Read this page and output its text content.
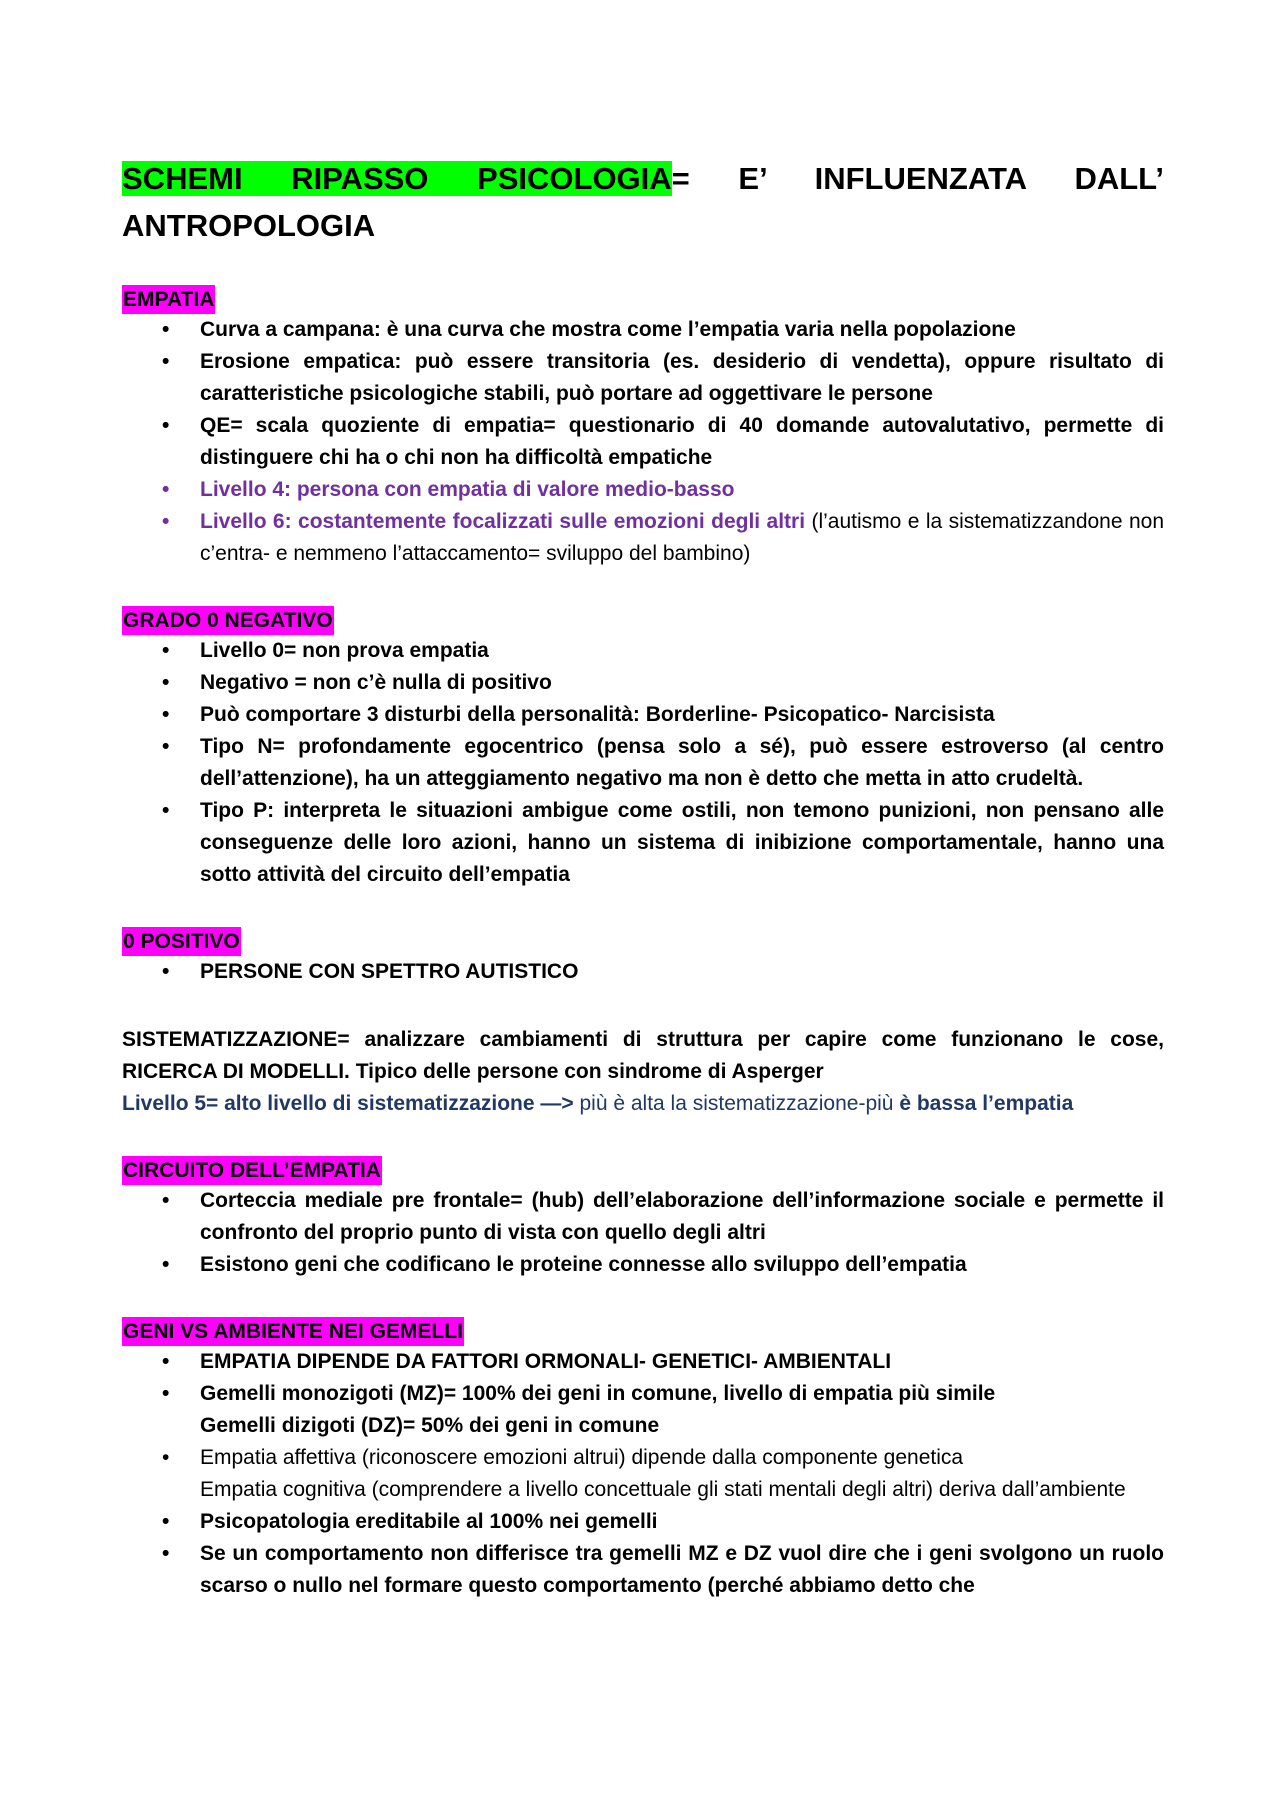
SCHEMI RIPASSO PSICOLOGIA= E’ INFLUENZATA DALL’ ANTROPOLOGIA
EMPATIA
• Curva a campana: è una curva che mostra come l’empatia varia nella popolazione
• Erosione empatica: può essere transitoria (es. desiderio di vendetta), oppure risultato di caratteristiche psicologiche stabili, può portare ad oggettivare le persone
• QE= scala quoziente di empatia= questionario di 40 domande autovalutativo, permette di distinguere chi ha o chi non ha difficoltà empatiche
• Livello 4: persona con empatia di valore medio-basso
• Livello 6: costantemente focalizzati sulle emozioni degli altri (l’autismo e la sistematizzandone non c’entra- e nemmeno l’attaccamento= sviluppo del bambino)
GRADO 0 NEGATIVO
• Livello 0= non prova empatia
• Negativo = non c’è nulla di positivo
• Può comportare 3 disturbi della personalità: Borderline- Psicopatico- Narcisista
• Tipo N= profondamente egocentrico (pensa solo a sé), può essere estroverso (al centro dell’attenzione), ha un atteggiamento negativo ma non è detto che metta in atto crudeltà.
• Tipo P: interpreta le situazioni ambigue come ostili, non temono punizioni, non pensano alle conseguenze delle loro azioni, hanno un sistema di inibizione comportamentale, hanno una sotto attività del circuito dell’empatia
0 POSITIVO
• PERSONE CON SPETTRO AUTISTICO
SISTEMATIZZAZIONE= analizzare cambiamenti di struttura per capire come funzionano le cose, RICERCA DI MODELLI. Tipico delle persone con sindrome di Asperger
Livello 5= alto livello di sistematizzazione —> più è alta la sistematizzazione-più è bassa l’empatia
CIRCUITO DELL’EMPATIA
• Corteccia mediale pre frontale= (hub) dell’elaborazione dell’informazione sociale e permette il confronto del proprio punto di vista con quello degli altri
• Esistono geni che codificano le proteine connesse allo sviluppo dell’empatia
GENI VS AMBIENTE NEI GEMELLI
• EMPATIA DIPENDE DA FATTORI ORMONALI- GENETICI- AMBIENTALI
• Gemelli monozigoti (MZ)= 100% dei geni in comune, livello di empatia più simile
Gemelli dizigoti (DZ)= 50% dei geni in comune
• Empatia affettiva (riconoscere emozioni altrui) dipende dalla componente genetica
Empatia cognitiva (comprendere a livello concettuale gli stati mentali degli altri) deriva dall’ambiente
• Psicopatologia ereditabile al 100% nei gemelli
• Se un comportamento non differisce tra gemelli MZ e DZ vuol dire che i geni svolgono un ruolo scarso o nullo nel formare questo comportamento (perché abbiamo detto che
